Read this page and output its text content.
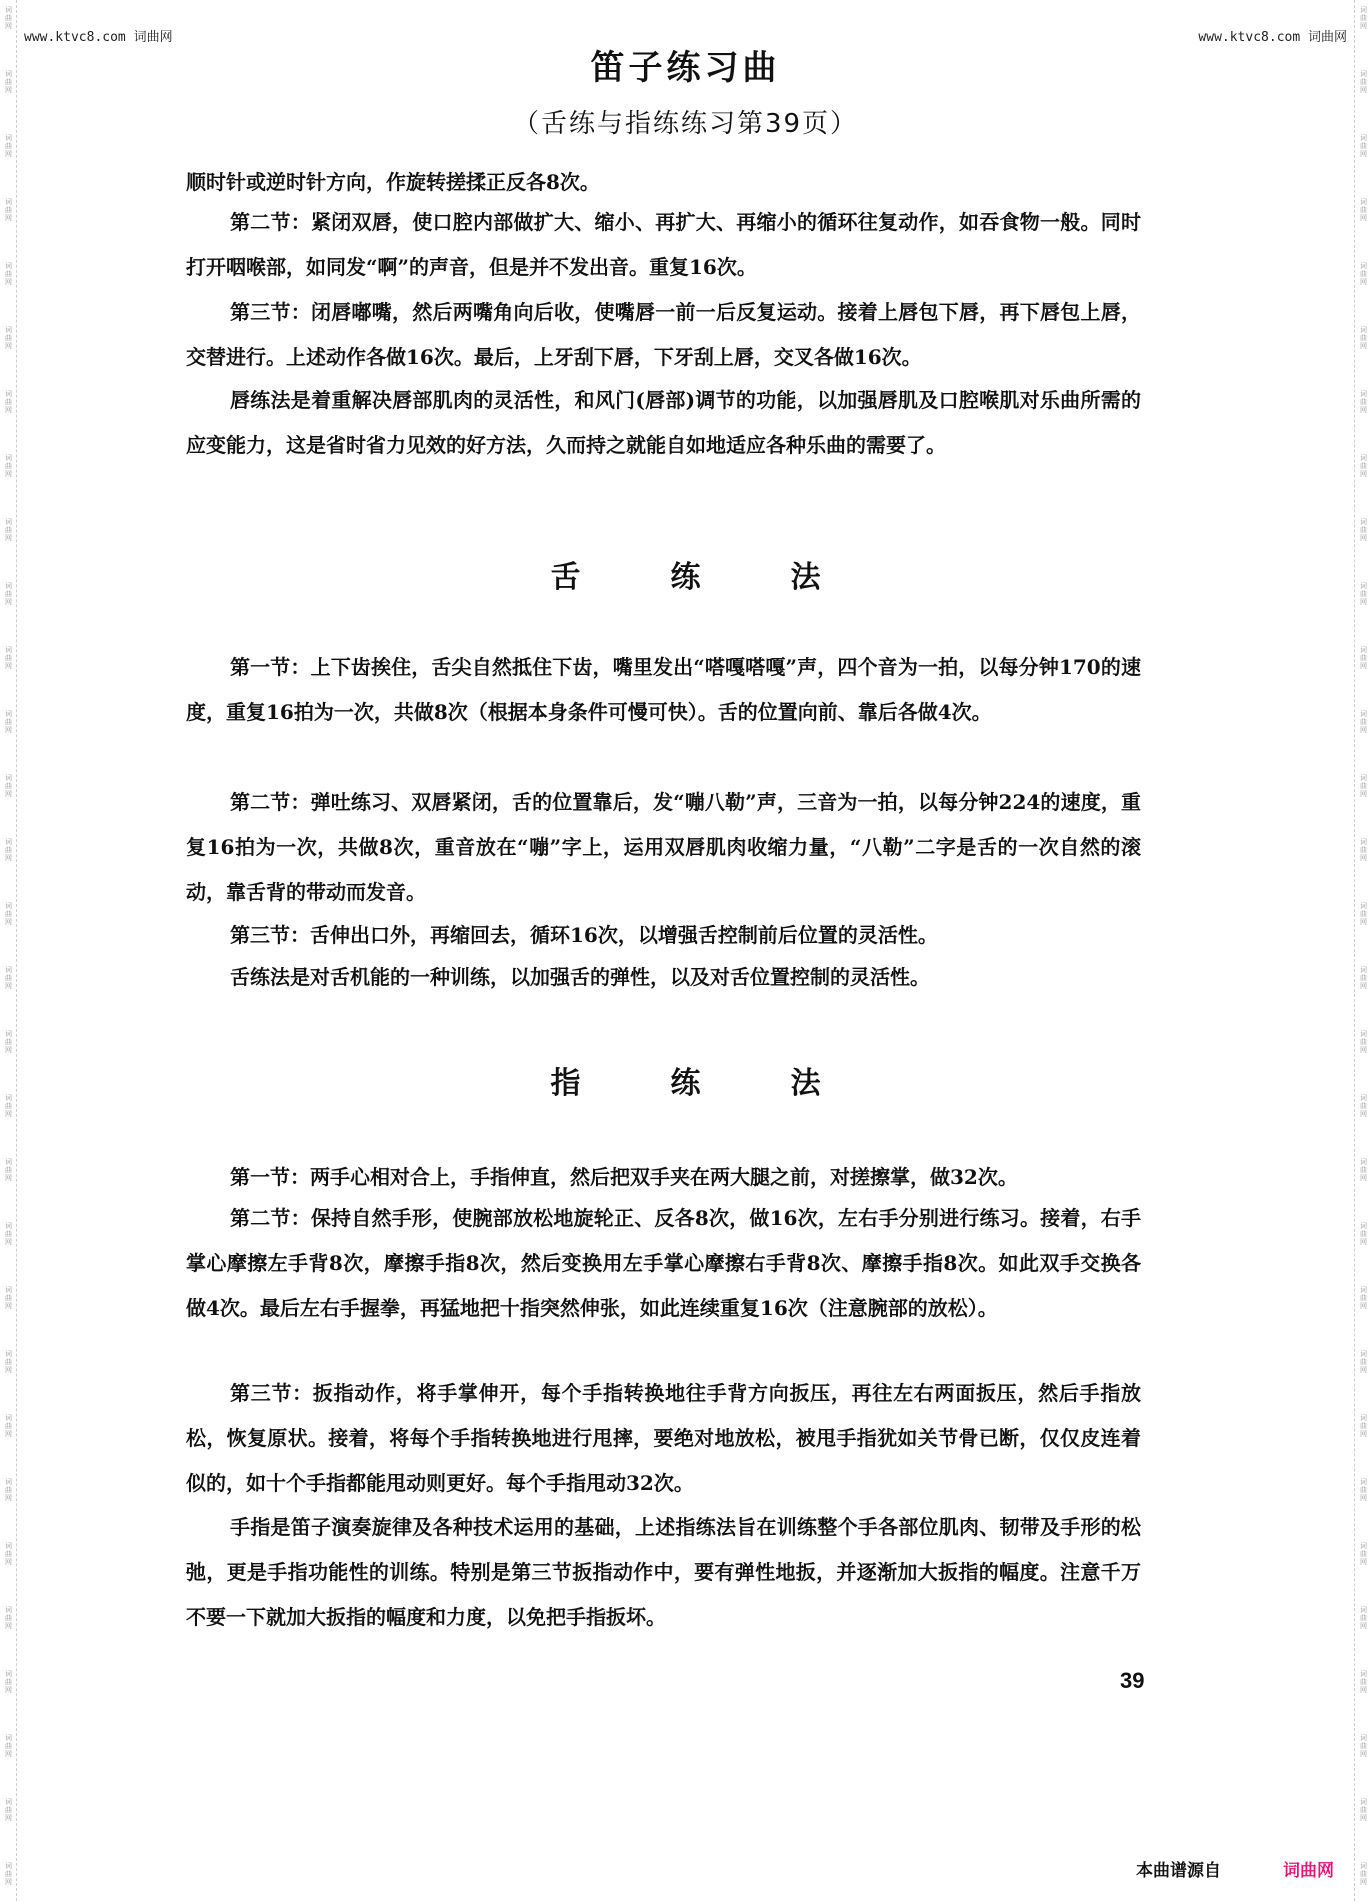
词曲网
词曲网
词曲网
词曲网
词曲网
词曲网
词曲网
词曲网
词曲网
词曲网
词曲网
词曲网
词曲网
词曲网
词曲网
词曲网
词曲网
词曲网
词曲网
词曲网
词曲网
词曲网
词曲网
词曲网
词曲网
词曲网
词曲网
词曲网
词曲网
词曲网
词曲网
词曲网
词曲网
词曲网
词曲网
词曲网
词曲网
词曲网
词曲网
词曲网
词曲网
词曲网
词曲网
词曲网
词曲网
词曲网
词曲网
词曲网
词曲网
词曲网
词曲网
词曲网
词曲网
词曲网
词曲网
词曲网
词曲网
词曲网
词曲网
词曲网
www.ktvc8.com 词曲网	www.ktvc8.com 词曲网
笛子练习曲
（舌练与指练练习第39页）

顺时针或逆时针方向，作旋转搓揉正反各8次。

第二节：紧闭双唇，使口腔内部做扩大、缩小、再扩大、再缩小的循环往复动作，如吞食物一般。同时打开咽喉部，如同发“啊”的声音，但是并不发出音。重复16次。

第三节：闭唇嘟嘴，然后两嘴角向后收，使嘴唇一前一后反复运动。接着上唇包下唇，再下唇包上唇，交替进行。上述动作各做16次。最后，上牙刮下唇，下牙刮上唇，交叉各做16次。

唇练法是着重解决唇部肌肉的灵活性，和风门(唇部)调节的功能，以加强唇肌及口腔喉肌对乐曲所需的应变能力，这是省时省力见效的好方法，久而持之就能自如地适应各种乐曲的需要了。

舌练法

第一节：上下齿挨住，舌尖自然抵住下齿，嘴里发出“嗒嘎嗒嘎”声，四个音为一拍，以每分钟170的速度，重复16拍为一次，共做8次（根据本身条件可慢可快）。舌的位置向前、靠后各做4次。

第二节：弹吐练习、双唇紧闭，舌的位置靠后，发“嘣八勒”声，三音为一拍，以每分钟224的速度，重复16拍为一次，共做8次，重音放在“嘣”字上，运用双唇肌肉收缩力量，“八勒”二字是舌的一次自然的滚动，靠舌背的带动而发音。

第三节：舌伸出口外，再缩回去，循环16次，以增强舌控制前后位置的灵活性。

舌练法是对舌机能的一种训练，以加强舌的弹性，以及对舌位置控制的灵活性。

指练法

第一节：两手心相对合上，手指伸直，然后把双手夹在两大腿之前，对搓擦掌，做32次。

第二节：保持自然手形，使腕部放松地旋轮正、反各8次，做16次，左右手分别进行练习。接着，右手掌心摩擦左手背8次，摩擦手指8次，然后变换用左手掌心摩擦右手背8次、摩擦手指8次。如此双手交换各做4次。最后左右手握拳，再猛地把十指突然伸张，如此连续重复16次（注意腕部的放松）。

第三节：扳指动作，将手掌伸开，每个手指转换地往手背方向扳压，再往左右两面扳压，然后手指放松，恢复原状。接着，将每个手指转换地进行甩摔，要绝对地放松，被甩手指犹如关节骨已断，仅仅皮连着似的，如十个手指都能甩动则更好。每个手指甩动32次。

手指是笛子演奏旋律及各种技术运用的基础，上述指练法旨在训练整个手各部位肌肉、韧带及手形的松弛，更是手指功能性的训练。特别是第三节扳指动作中，要有弹性地扳，并逐渐加大扳指的幅度。注意千万不要一下就加大扳指的幅度和力度，以免把手指扳坏。

39
本曲谱源自	词曲网
